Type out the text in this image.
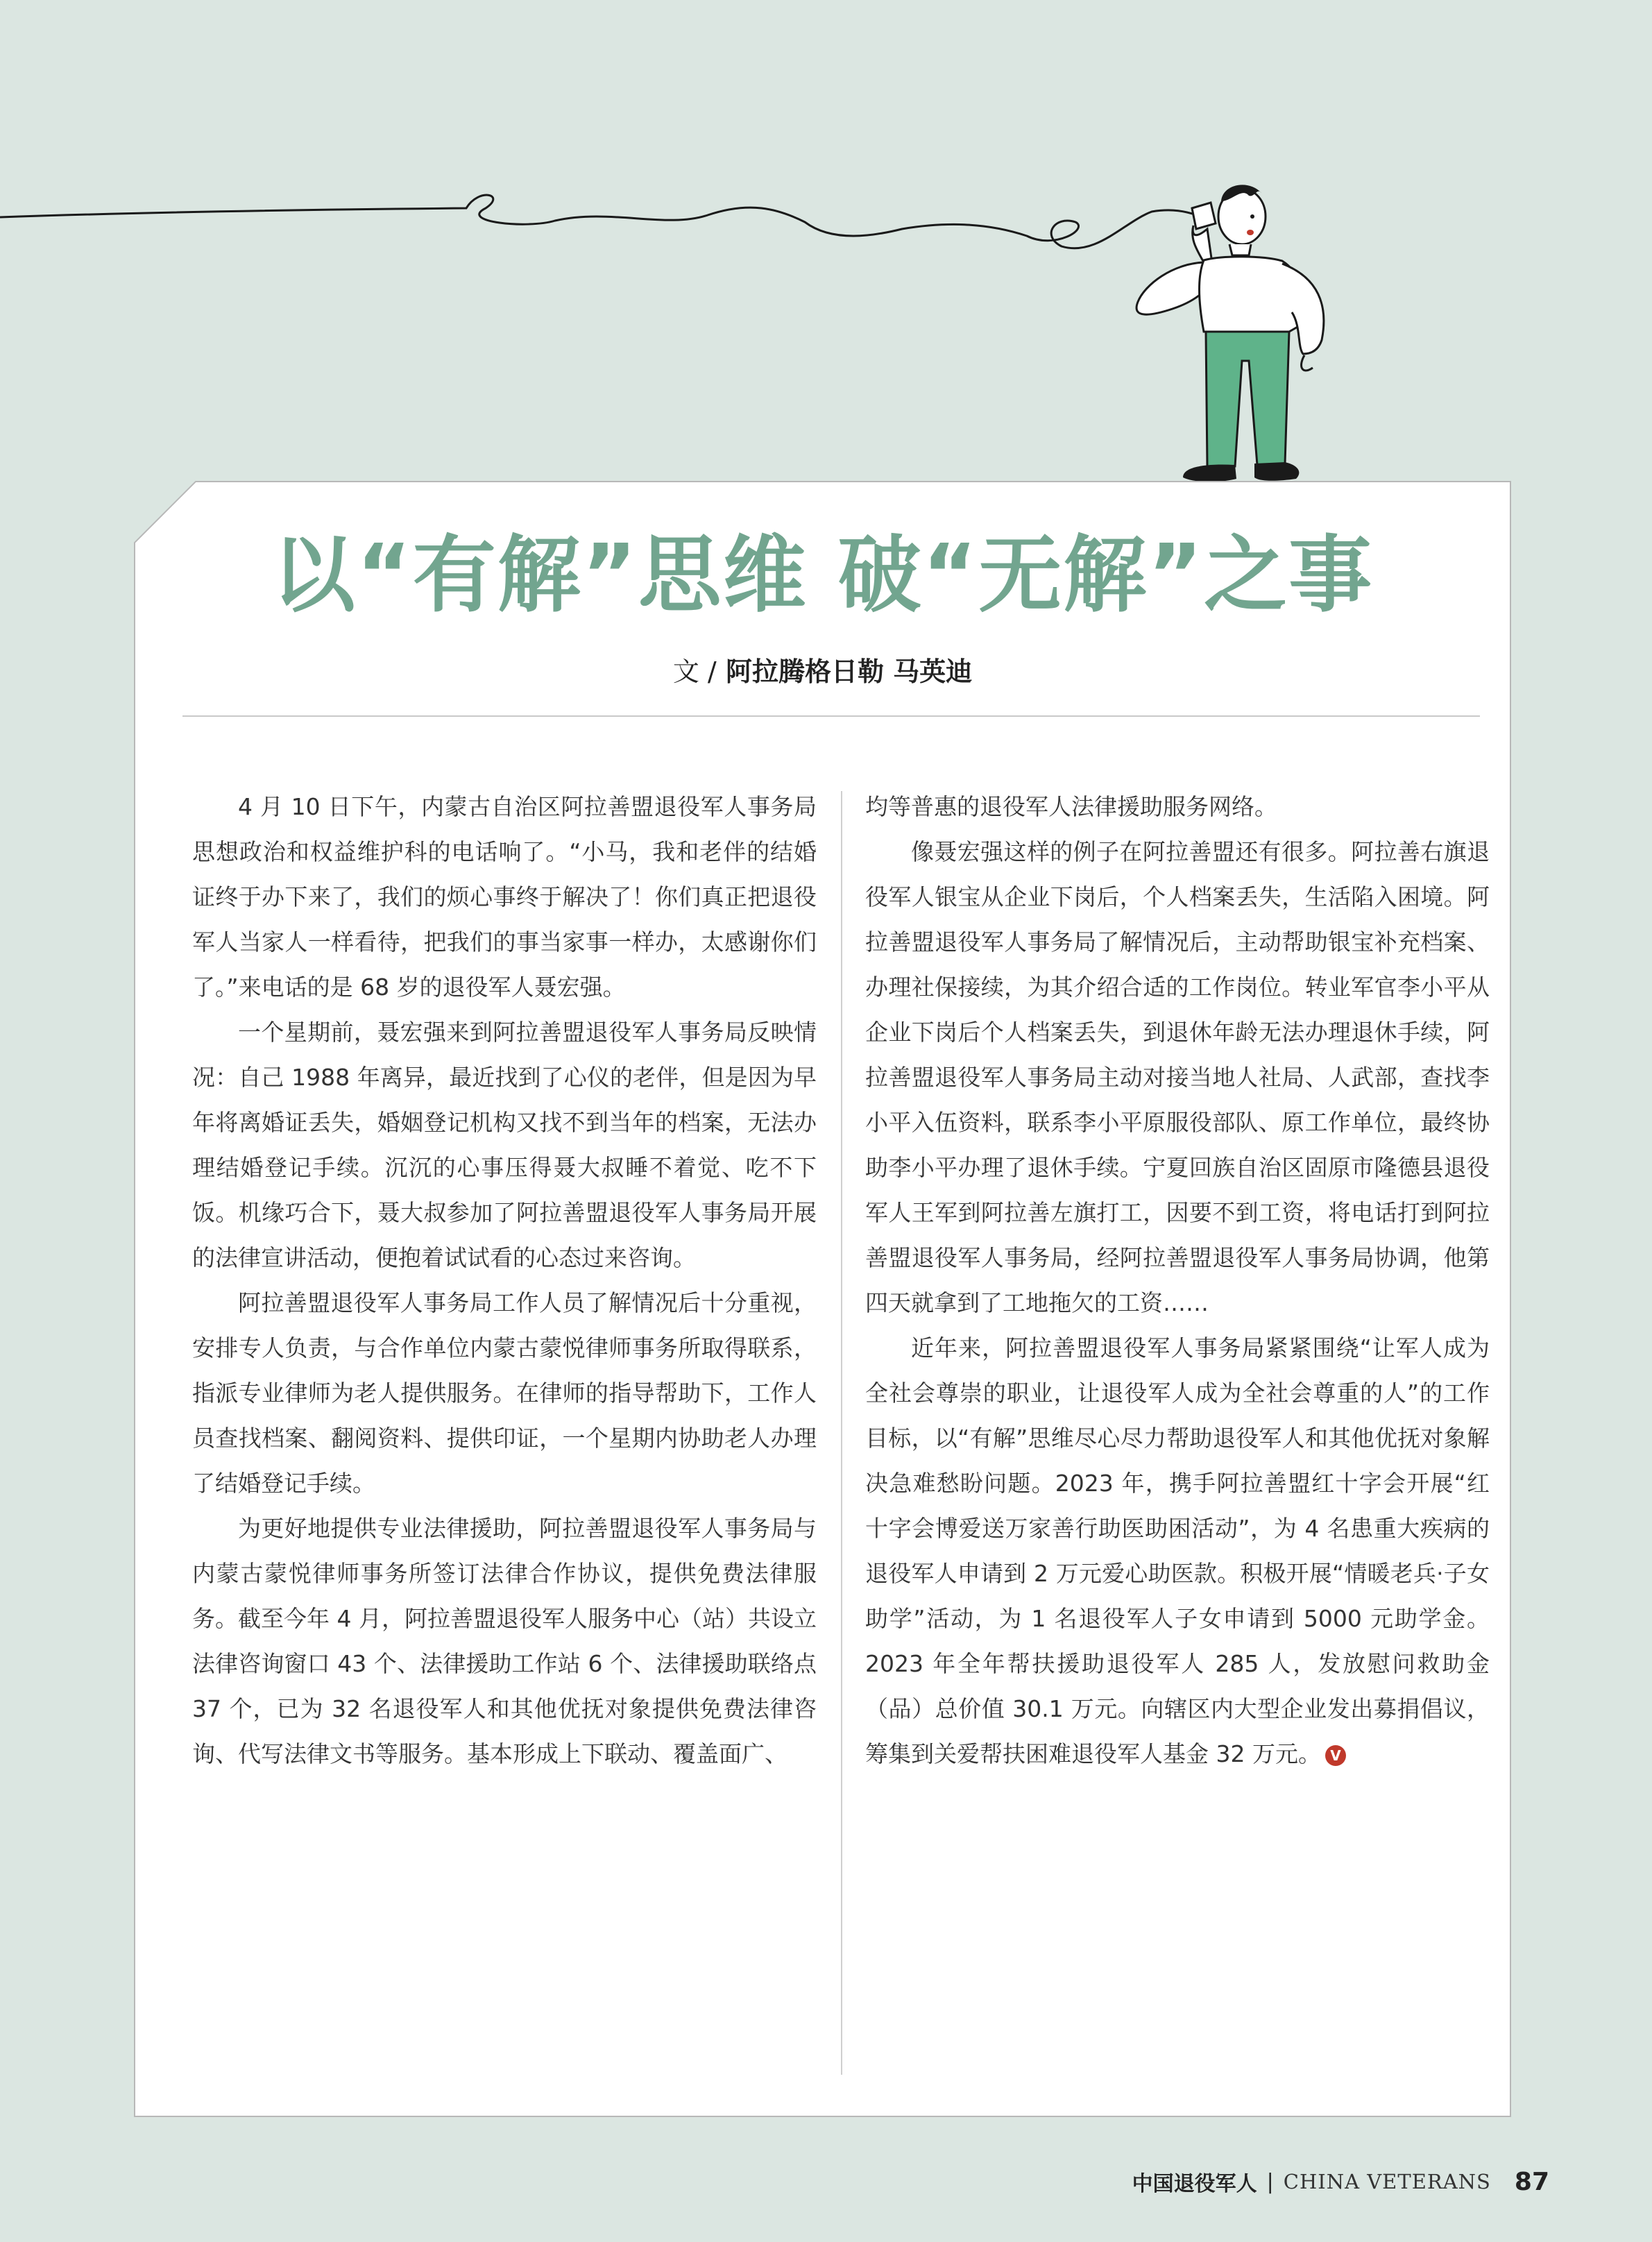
以“有解”思维 破“无解”之事
文 / 阿拉腾格日勒 马英迪

4 月 10 日下午，内蒙古自治区阿拉善盟退役军人事务局思想政治和权益维护科的电话响了。“小马，我和老伴的结婚证终于办下来了，我们的烦心事终于解决了！你们真正把退役军人当家人一样看待，把我们的事当家事一样办，太感谢你们了。”来电话的是 68 岁的退役军人聂宏强。

一个星期前，聂宏强来到阿拉善盟退役军人事务局反映情况：自己 1988 年离异，最近找到了心仪的老伴，但是因为早年将离婚证丢失，婚姻登记机构又找不到当年的档案，无法办理结婚登记手续。沉沉的心事压得聂大叔睡不着觉、吃不下饭。机缘巧合下，聂大叔参加了阿拉善盟退役军人事务局开展的法律宣讲活动，便抱着试试看的心态过来咨询。

阿拉善盟退役军人事务局工作人员了解情况后十分重视，安排专人负责，与合作单位内蒙古蒙悦律师事务所取得联系，指派专业律师为老人提供服务。在律师的指导帮助下，工作人员查找档案、翻阅资料、提供印证，一个星期内协助老人办理了结婚登记手续。

为更好地提供专业法律援助，阿拉善盟退役军人事务局与内蒙古蒙悦律师事务所签订法律合作协议，提供免费法律服务。截至今年 4 月，阿拉善盟退役军人服务中心（站）共设立法律咨询窗口 43 个、法律援助工作站 6 个、法律援助联络点 37 个，已为 32 名退役军人和其他优抚对象提供免费法律咨询、代写法律文书等服务。基本形成上下联动、覆盖面广、

均等普惠的退役军人法律援助服务网络。

像聂宏强这样的例子在阿拉善盟还有很多。阿拉善右旗退役军人银宝从企业下岗后，个人档案丢失，生活陷入困境。阿拉善盟退役军人事务局了解情况后，主动帮助银宝补充档案、办理社保接续，为其介绍合适的工作岗位。转业军官李小平从企业下岗后个人档案丢失，到退休年龄无法办理退休手续，阿拉善盟退役军人事务局主动对接当地人社局、人武部，查找李小平入伍资料，联系李小平原服役部队、原工作单位，最终协助李小平办理了退休手续。宁夏回族自治区固原市隆德县退役军人王军到阿拉善左旗打工，因要不到工资，将电话打到阿拉善盟退役军人事务局，经阿拉善盟退役军人事务局协调，他第四天就拿到了工地拖欠的工资……

近年来，阿拉善盟退役军人事务局紧紧围绕“让军人成为全社会尊崇的职业，让退役军人成为全社会尊重的人”的工作目标，以“有解”思维尽心尽力帮助退役军人和其他优抚对象解决急难愁盼问题。2023 年，携手阿拉善盟红十字会开展“红十字会博爱送万家善行助医助困活动”，为 4 名患重大疾病的退役军人申请到 2 万元爱心助医款。积极开展“情暖老兵·子女助学”活动，为 1 名退役军人子女申请到 5000 元助学金。2023 年全年帮扶援助退役军人 285 人，发放慰问救助金（品）总价值 30.1 万元。向辖区内大型企业发出募捐倡议，筹集到关爱帮扶困难退役军人基金 32 万元。 V

中国退役军人 | CHINA VETERANS 87
